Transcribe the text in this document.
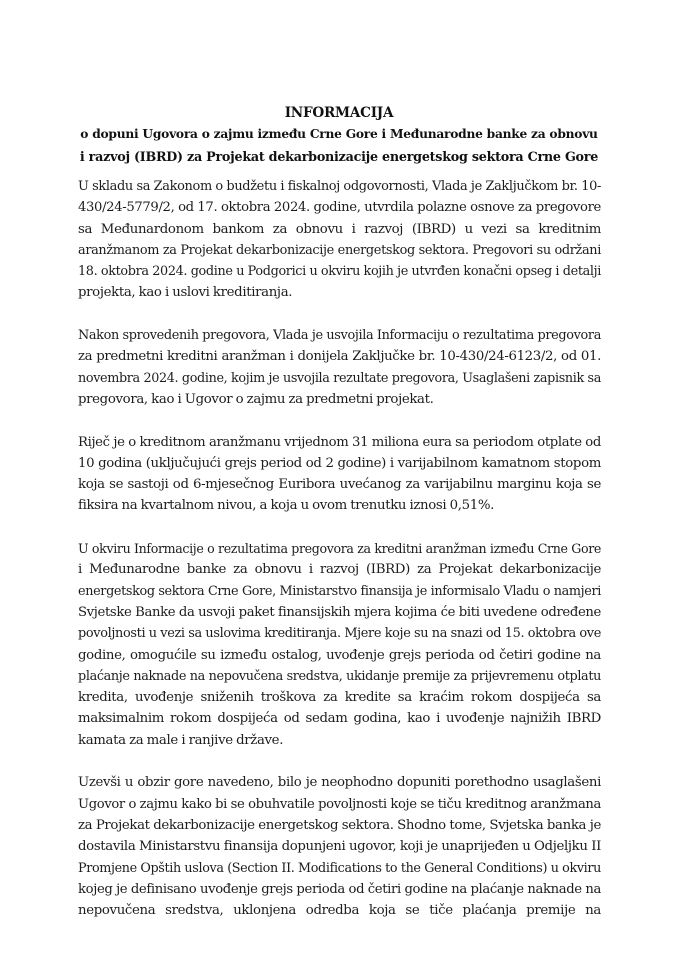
INFORMACIJA
o dopuni Ugovora o zajmu između Crne Gore i Međunarodne banke za obnovu
i razvoj (IBRD) za Projekat dekarbonizacije energetskog sektora Crne Gore
U skladu sa Zakonom o budžetu i fiskalnoj odgovornosti, Vlada je Zaključkom br. 10-
430/24-5779/2, od 17. oktobra 2024. godine, utvrdila polazne osnove za pregovore
sa Međunardonom bankom za obnovu i razvoj (IBRD) u vezi sa kreditnim
aranžmanom za Projekat dekarbonizacije energetskog sektora. Pregovori su održani
18. oktobra 2024. godine u Podgorici u okviru kojih je utvrđen konačni opseg i detalji
projekta, kao i uslovi kreditiranja.
Nakon sprovedenih pregovora, Vlada je usvojila Informaciju o rezultatima pregovora
za predmetni kreditni aranžman i donijela Zaključke br. 10-430/24-6123/2, od 01.
novembra 2024. godine, kojim je usvojila rezultate pregovora, Usaglašeni zapisnik sa
pregovora, kao i Ugovor o zajmu za predmetni projekat.
Riječ je o kreditnom aranžmanu vrijednom 31 miliona eura sa periodom otplate od
10 godina (uključujući grejs period od 2 godine) i varijabilnom kamatnom stopom
koja se sastoji od 6-mjesečnog Euribora uvećanog za varijabilnu marginu koja se
fiksira na kvartalnom nivou, a koja u ovom trenutku iznosi 0,51%.
U okviru Informacije o rezultatima pregovora za kreditni aranžman između Crne Gore
i Međunarodne banke za obnovu i razvoj (IBRD) za Projekat dekarbonizacije
energetskog sektora Crne Gore, Ministarstvo finansija je informisalo Vladu o namjeri
Svjetske Banke da usvoji paket finansijskih mjera kojima će biti uvedene određene
povoljnosti u vezi sa uslovima kreditiranja. Mjere koje su na snazi od 15. oktobra ove
godine, omogućile su između ostalog, uvođenje grejs perioda od četiri godine na
plaćanje naknade na nepovučena sredstva, ukidanje premije za prijevremenu otplatu
kredita, uvođenje sniženih troškova za kredite sa kraćim rokom dospijeća sa
maksimalnim rokom dospijeća od sedam godina, kao i uvođenje najnižih IBRD
kamata za male i ranjive države.
Uzevši u obzir gore navedeno, bilo je neophodno dopuniti porethodno usaglašeni
Ugovor o zajmu kako bi se obuhvatile povoljnosti koje se tiču kreditnog aranžmana
za Projekat dekarbonizacije energetskog sektora. Shodno tome, Svjetska banka je
dostavila Ministarstvu finansija dopunjeni ugovor, koji je unaprijeđen u Odjeljku II
Promjene Opštih uslova (Section II. Modifications to the General Conditions) u okviru
kojeg je definisano uvođenje grejs perioda od četiri godine na plaćanje naknade na
nepovučena sredstva, uklonjena odredba koja se tiče plaćanja premije na
